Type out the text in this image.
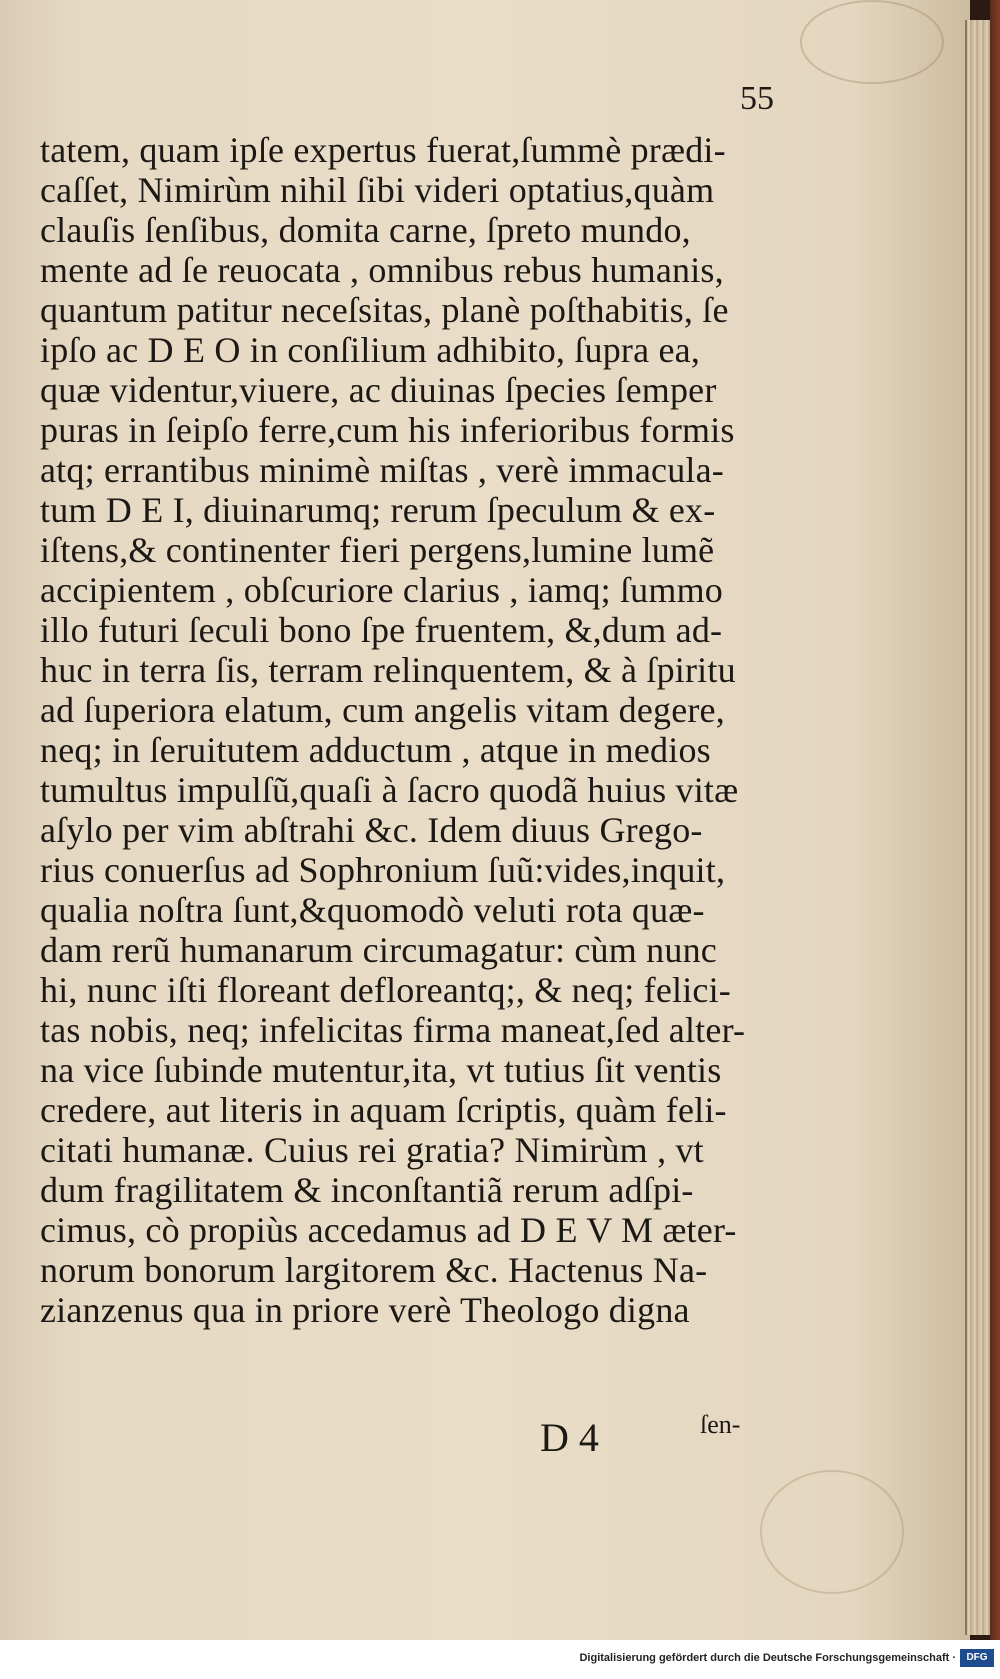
55
tatem, quam ipſe expertus fuerat,ſummè prædi-
caſſet, Nimirùm nihil ſibi videri optatius,quàm
clauſis ſenſibus, domita carne, ſpreto mundo,
mente ad ſe reuocata , omnibus rebus humanis,
quantum patitur neceſsitas, planè poſthabitis, ſe
ipſo ac D E O in conſilium adhibito, ſupra ea,
quæ videntur,viuere, ac diuinas ſpecies ſemper
puras in ſeipſo ferre,cum his inferioribus formis
atq; errantibus minimè miſtas , verè immacula-
tum D E I, diuinarumq; rerum ſpeculum & ex-
iſtens,& continenter fieri pergens,lumine lumẽ
accipientem , obſcuriore clarius , iamq; ſummo
illo futuri ſeculi bono ſpe fruentem, &,dum ad-
huc in terra ſis, terram relinquentem, & à ſpiritu
ad ſuperiora elatum, cum angelis vitam degere,
neq; in ſeruitutem adductum , atque in medios
tumultus impulſũ,quaſi à ſacro quodã huius vitæ
aſylo per vim abſtrahi &c. Idem diuus Grego-
rius conuerſus ad Sophronium ſuũ:vides,inquit,
qualia noſtra ſunt,&quomodò veluti rota quæ-
dam rerũ humanarum circumagatur: cùm nunc
hi, nunc iſti floreant defloreantq;, & neq; felici-
tas nobis, neq; infelicitas firma maneat,ſed alter-
na vice ſubinde mutentur,ita, vt tutius ſit ventis
credere, aut literis in aquam ſcriptis, quàm feli-
citati humanæ. Cuius rei gratia? Nimirùm , vt
dum fragilitatem & inconſtantiã rerum adſpi-
cimus, cò propiùs accedamus ad D E V M æter-
norum bonorum largitorem &c. Hactenus Na-
zianzenus qua in priore verè Theologo digna
D 4	ſen-
Digitalisierung gefördert durch die Deutsche Forschungsgemeinschaft ·	DFG
